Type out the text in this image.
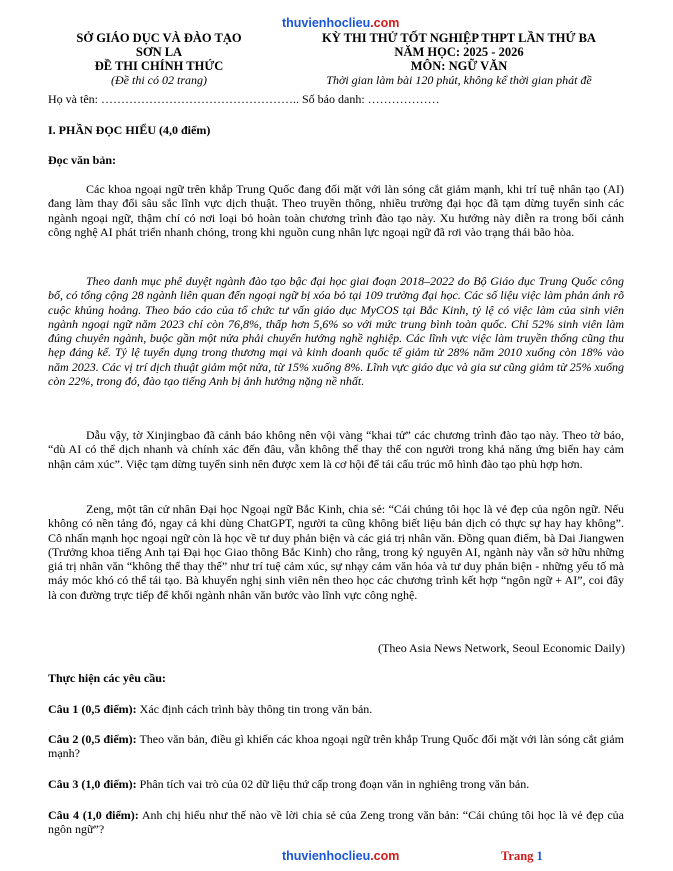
thuvienhoclieu.com
SỞ GIÁO DỤC VÀ ĐÀO TẠO
SƠN LA
ĐỀ THI CHÍNH THỨC
(Đề thi có 02 trang)
KỲ THI THỬ TỐT NGHIỆP THPT LẦN THỨ BA
NĂM HỌC: 2025 - 2026
MÔN: NGỮ VĂN
Thời gian làm bài 120 phút, không kể thời gian phát đề
Họ và tên: ………………………………………….. Số báo danh: ………………
I. PHẦN ĐỌC HIỂU (4,0 điểm)
Đọc văn bản:
Các khoa ngoại ngữ trên khắp Trung Quốc đang đối mặt với làn sóng cắt giảm mạnh, khi trí tuệ nhân tạo (AI) đang làm thay đổi sâu sắc lĩnh vực dịch thuật. Theo truyền thông, nhiều trường đại học đã tạm dừng tuyển sinh các ngành ngoại ngữ, thậm chí có nơi loại bỏ hoàn toàn chương trình đào tạo này. Xu hướng này diễn ra trong bối cảnh công nghệ AI phát triển nhanh chóng, trong khi nguồn cung nhân lực ngoại ngữ đã rơi vào trạng thái bão hòa.
Theo danh mục phê duyệt ngành đào tạo bậc đại học giai đoạn 2018–2022 do Bộ Giáo dục Trung Quốc công bố, có tổng cộng 28 ngành liên quan đến ngoại ngữ bị xóa bỏ tại 109 trường đại học. Các số liệu việc làm phản ánh rõ cuộc khủng hoảng. Theo báo cáo của tổ chức tư vấn giáo dục MyCOS tại Bắc Kinh, tỷ lệ có việc làm của sinh viên ngành ngoại ngữ năm 2023 chỉ còn 76,8%, thấp hơn 5,6% so với mức trung bình toàn quốc. Chỉ 52% sinh viên làm đúng chuyên ngành, buộc gần một nửa phải chuyển hướng nghề nghiệp. Các lĩnh vực việc làm truyền thống cũng thu hẹp đáng kể. Tỷ lệ tuyển dụng trong thương mại và kinh doanh quốc tế giảm từ 28% năm 2010 xuống còn 18% vào năm 2023. Các vị trí dịch thuật giảm một nửa, từ 15% xuống 8%. Lĩnh vực giáo dục và gia sư cũng giảm từ 25% xuống còn 22%, trong đó, đào tạo tiếng Anh bị ảnh hưởng nặng nề nhất.
Dẫu vậy, tờ Xinjingbao đã cảnh báo không nên vội vàng “khai tử” các chương trình đào tạo này. Theo tờ báo, “dù AI có thể dịch nhanh và chính xác đến đâu, vẫn không thể thay thế con người trong khả năng ứng biến hay cảm nhận cảm xúc”. Việc tạm dừng tuyển sinh nên được xem là cơ hội để tái cấu trúc mô hình đào tạo phù hợp hơn.
Zeng, một tân cử nhân Đại học Ngoại ngữ Bắc Kinh, chia sẻ: “Cái chúng tôi học là vẻ đẹp của ngôn ngữ. Nếu không có nền tảng đó, ngay cả khi dùng ChatGPT, người ta cũng không biết liệu bản dịch có thực sự hay hay không”. Cô nhấn mạnh học ngoại ngữ còn là học về tư duy phản biện và các giá trị nhân văn. Đồng quan điểm, bà Dai Jiangwen (Trưởng khoa tiếng Anh tại Đại học Giao thông Bắc Kinh) cho rằng, trong kỷ nguyên AI, ngành này vẫn sở hữu những giá trị nhân văn “không thể thay thế” như trí tuệ cảm xúc, sự nhạy cảm văn hóa và tư duy phản biện - những yếu tố mà máy móc khó có thể tái tạo. Bà khuyến nghị sinh viên nên theo học các chương trình kết hợp “ngôn ngữ + AI”, coi đây là con đường trực tiếp để khối ngành nhân văn bước vào lĩnh vực công nghệ.
(Theo Asia News Network, Seoul Economic Daily)
Thực hiện các yêu cầu:
Câu 1 (0,5 điểm): Xác định cách trình bày thông tin trong văn bản.
Câu 2 (0,5 điểm): Theo văn bản, điều gì khiến các khoa ngoại ngữ trên khắp Trung Quốc đối mặt với làn sóng cắt giảm mạnh?
Câu 3 (1,0 điểm): Phân tích vai trò của 02 dữ liệu thứ cấp trong đoạn văn in nghiêng trong văn bản.
Câu 4 (1,0 điểm): Anh chị hiểu như thế nào về lời chia sẻ của Zeng trong văn bản: “Cái chúng tôi học là vẻ đẹp của ngôn ngữ”?
thuvienhoclieu.com	Trang 1
